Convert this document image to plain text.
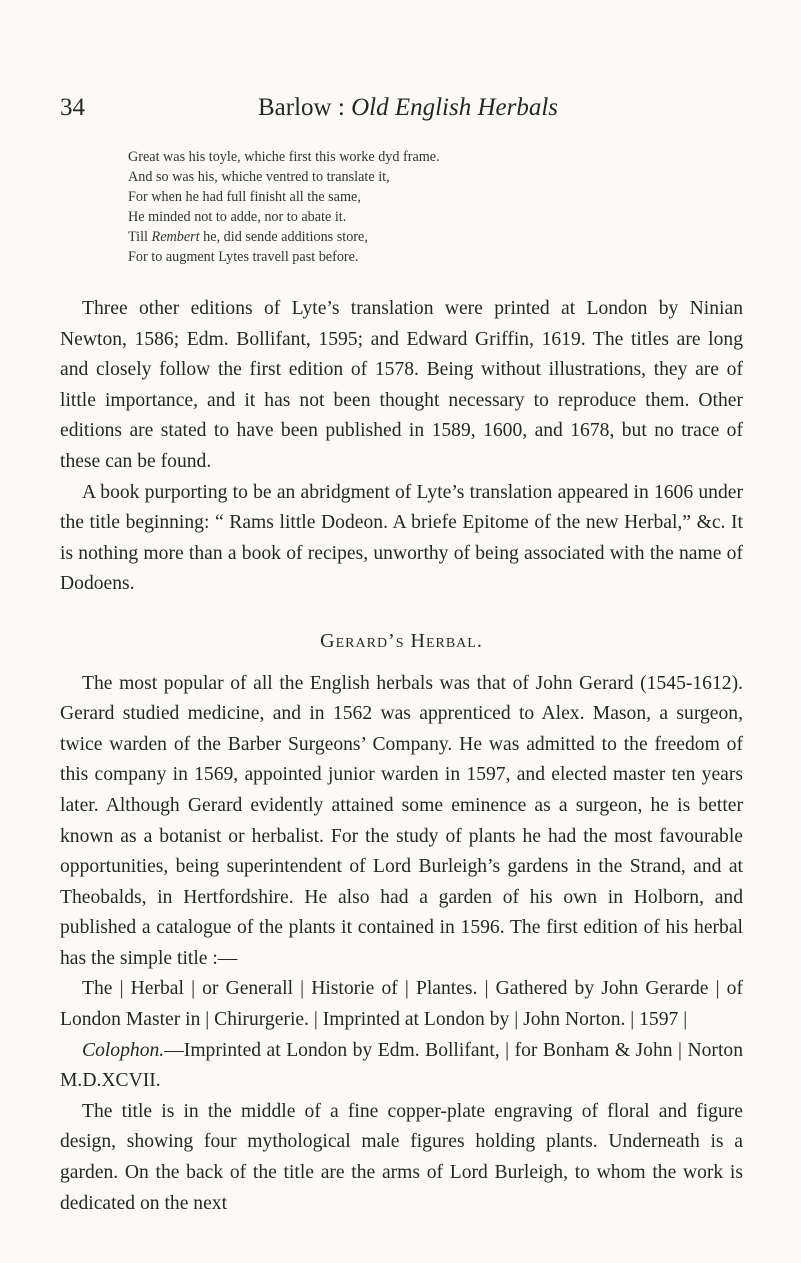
34	Barlow : Old English Herbals
Great was his toyle, whiche first this worke dyd frame.
And so was his, whiche ventred to translate it,
For when he had full finisht all the same,
He minded not to adde, nor to abate it.
Till Rembert he, did sende additions store,
For to augment Lytes travell past before.

Three other editions of Lyte’s translation were printed at London by Ninian Newton, 1586; Edm. Bollifant, 1595; and Edward Griffin, 1619. The titles are long and closely follow the first edition of 1578. Being without illustrations, they are of little importance, and it has not been thought necessary to reproduce them. Other editions are stated to have been published in 1589, 1600, and 1678, but no trace of these can be found.

A book purporting to be an abridgment of Lyte’s translation appeared in 1606 under the title beginning: “ Rams little Dodeon. A briefe Epitome of the new Herbal,” &c. It is nothing more than a book of recipes, unworthy of being associated with the name of Dodoens.

Gerard’s Herbal.

The most popular of all the English herbals was that of John Gerard (1545-1612). Gerard studied medicine, and in 1562 was apprenticed to Alex. Mason, a surgeon, twice warden of the Barber Surgeons’ Company. He was admitted to the freedom of this company in 1569, appointed junior warden in 1597, and elected master ten years later. Although Gerard evidently attained some eminence as a surgeon, he is better known as a botanist or herbalist. For the study of plants he had the most favourable opportunities, being superintendent of Lord Burleigh’s gardens in the Strand, and at Theobalds, in Hertfordshire. He also had a garden of his own in Holborn, and published a catalogue of the plants it contained in 1596. The first edition of his herbal has the simple title :—

The | Herbal | or Generall | Historie of | Plantes. | Gathered by John Gerarde | of London Master in | Chirurgerie. | Imprinted at London by | John Norton. | 1597 |

Colophon.—Imprinted at London by Edm. Bollifant, | for Bonham & John | Norton M.D.XCVII.

The title is in the middle of a fine copper-plate engraving of floral and figure design, showing four mythological male figures holding plants. Underneath is a garden. On the back of the title are the arms of Lord Burleigh, to whom the work is dedicated on the next
